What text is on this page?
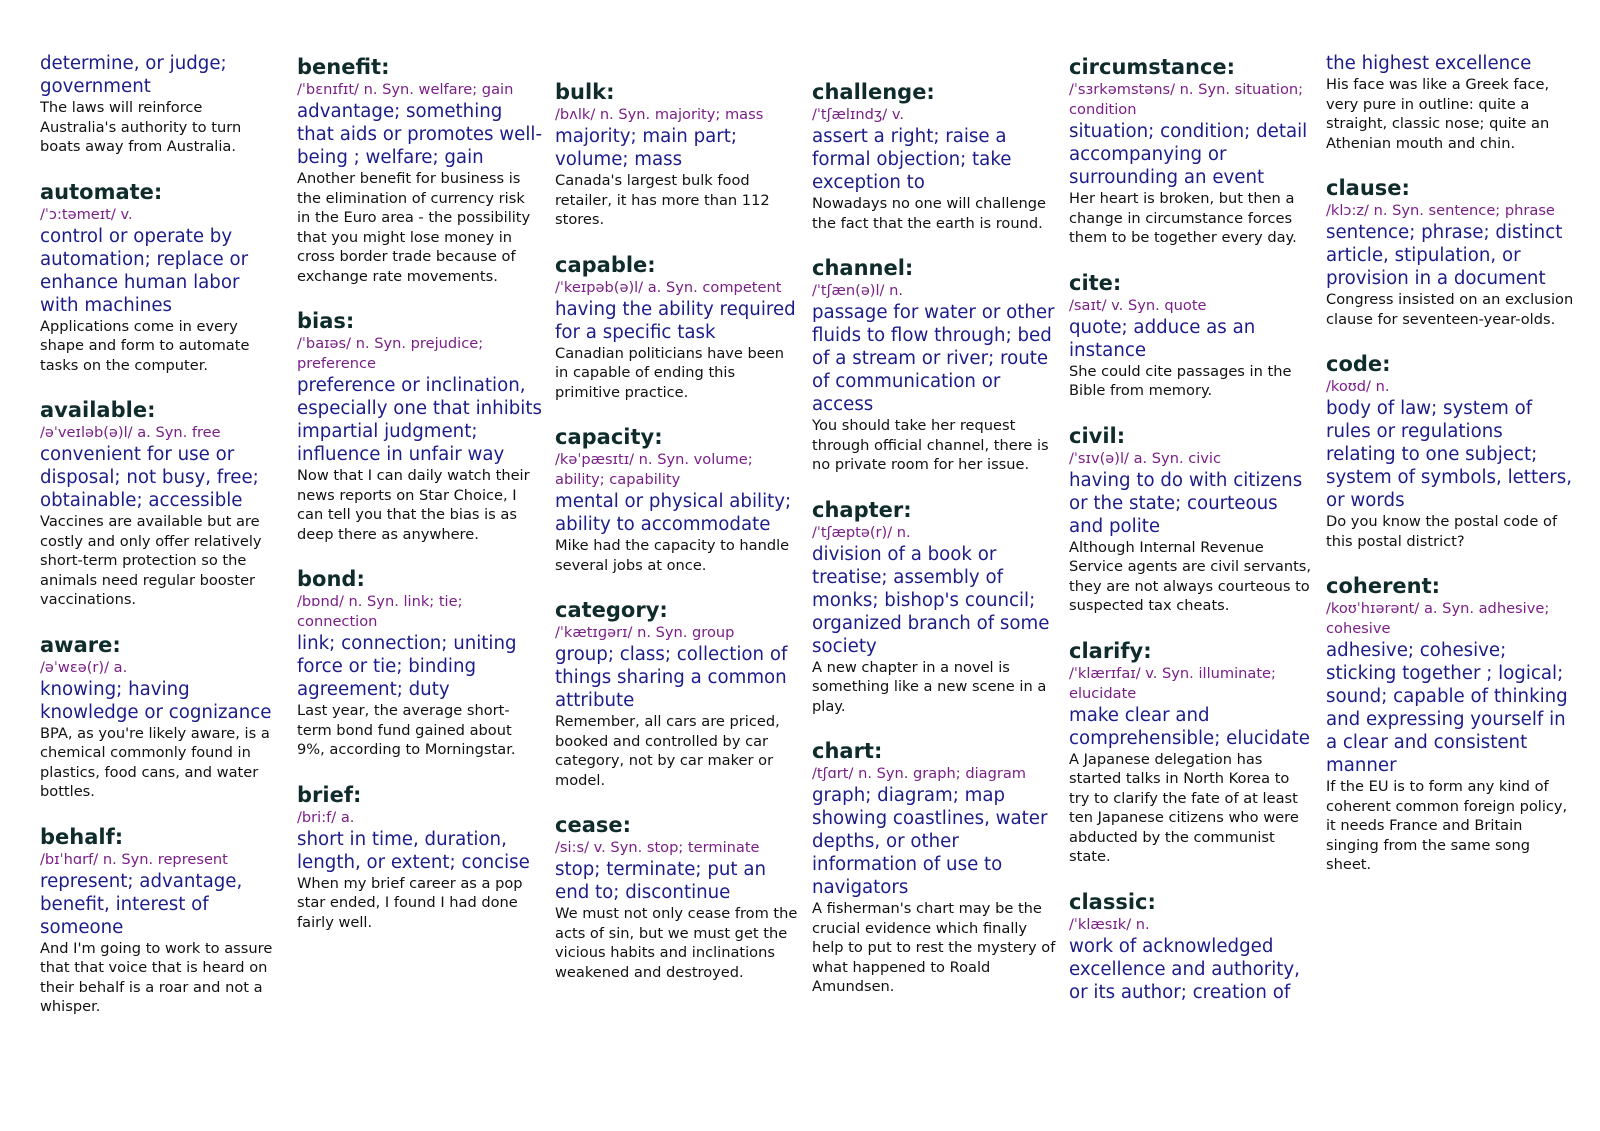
determine, or judge; government
The laws will reinforce Australia's authority to turn boats away from Australia.
automate:
/ˈɔ:təmeɪt/ v.
control or operate by automation; replace or enhance human labor with machines
Applications come in every shape and form to automate tasks on the computer.
available:
/əˈveɪləb(ə)l/ a. Syn. free
convenient for use or disposal; not busy, free; obtainable; accessible
Vaccines are available but are costly and only offer relatively short-term protection so the animals need regular booster vaccinations.
aware:
/əˈwɛə(r)/ a.
knowing; having knowledge or cognizance
BPA, as you're likely aware, is a chemical commonly found in plastics, food cans, and water bottles.
behalf:
/bɪˈhɑrf/ n. Syn. represent
represent; advantage, benefit, interest of someone
And I'm going to work to assure that that voice that is heard on their behalf is a roar and not a whisper.
benefit:
/ˈbɛnɪfɪt/ n. Syn. welfare; gain
advantage; something that aids or promotes well-being ; welfare; gain
Another benefit for business is the elimination of currency risk in the Euro area - the possibility that you might lose money in cross border trade because of exchange rate movements.
bias:
/ˈbaɪəs/ n. Syn. prejudice; preference
preference or inclination, especially one that inhibits impartial judgment; influence in unfair way
Now that I can daily watch their news reports on Star Choice, I can tell you that the bias is as deep there as anywhere.
bond:
/bɒnd/ n. Syn. link; tie; connection
link; connection; uniting force or tie; binding agreement; duty
Last year, the average short-term bond fund gained about 9%, according to Morningstar.
brief:
/bri:f/ a.
short in time, duration, length, or extent; concise
When my brief career as a pop star ended, I found I had done fairly well.
bulk:
/bʌlk/ n. Syn. majority; mass
majority; main part; volume; mass
Canada's largest bulk food retailer, it has more than 112 stores.
capable:
/ˈkeɪpəb(ə)l/ a. Syn. competent
having the ability required for a specific task
Canadian politicians have been in capable of ending this primitive practice.
capacity:
/kəˈpæsɪtɪ/ n. Syn. volume; ability; capability
mental or physical ability; ability to accommodate
Mike had the capacity to handle several jobs at once.
category:
/ˈkætɪɡərɪ/ n. Syn. group
group; class; collection of things sharing a common attribute
Remember, all cars are priced, booked and controlled by car category, not by car maker or model.
cease:
/si:s/ v. Syn. stop; terminate
stop; terminate; put an end to; discontinue
We must not only cease from the acts of sin, but we must get the vicious habits and inclinations weakened and destroyed.
challenge:
/ˈtʃælɪndʒ/ v.
assert a right; raise a formal objection; take exception to
Nowadays no one will challenge the fact that the earth is round.
channel:
/ˈtʃæn(ə)l/ n.
passage for water or other fluids to flow through; bed of a stream or river; route of communication or access
You should take her request through official channel, there is no private room for her issue.
chapter:
/ˈtʃæptə(r)/ n.
division of a book or treatise; assembly of monks; bishop's council; organized branch of some society
A new chapter in a novel is something like a new scene in a play.
chart:
/tʃɑrt/ n. Syn. graph; diagram
graph; diagram; map showing coastlines, water depths, or other information of use to navigators
A fisherman's chart may be the crucial evidence which finally help to put to rest the mystery of what happened to Roald Amundsen.
circumstance:
/ˈsɜrkəmstəns/ n. Syn. situation; condition
situation; condition; detail accompanying or surrounding an event
Her heart is broken, but then a change in circumstance forces them to be together every day.
cite:
/saɪt/ v. Syn. quote
quote; adduce as an instance
She could cite passages in the Bible from memory.
civil:
/ˈsɪv(ə)l/ a. Syn. civic
having to do with citizens or the state; courteous and polite
Although Internal Revenue Service agents are civil servants, they are not always courteous to suspected tax cheats.
clarify:
/ˈklærɪfaɪ/ v. Syn. illuminate; elucidate
make clear and comprehensible; elucidate
A Japanese delegation has started talks in North Korea to try to clarify the fate of at least ten Japanese citizens who were abducted by the communist state.
classic:
/ˈklæsɪk/ n.
work of acknowledged excellence and authority, or its author; creation of
the highest excellence
His face was like a Greek face, very pure in outline: quite a straight, classic nose; quite an Athenian mouth and chin.
clause:
/klɔ:z/ n. Syn. sentence; phrase
sentence; phrase; distinct article, stipulation, or provision in a document
Congress insisted on an exclusion clause for seventeen-year-olds.
code:
/koʊd/ n.
body of law; system of rules or regulations relating to one subject; system of symbols, letters, or words
Do you know the postal code of this postal district?
coherent:
/koʊˈhɪərənt/ a. Syn. adhesive; cohesive
adhesive; cohesive; sticking together ; logical; sound; capable of thinking and expressing yourself in a clear and consistent manner
If the EU is to form any kind of coherent common foreign policy, it needs France and Britain singing from the same song sheet.
